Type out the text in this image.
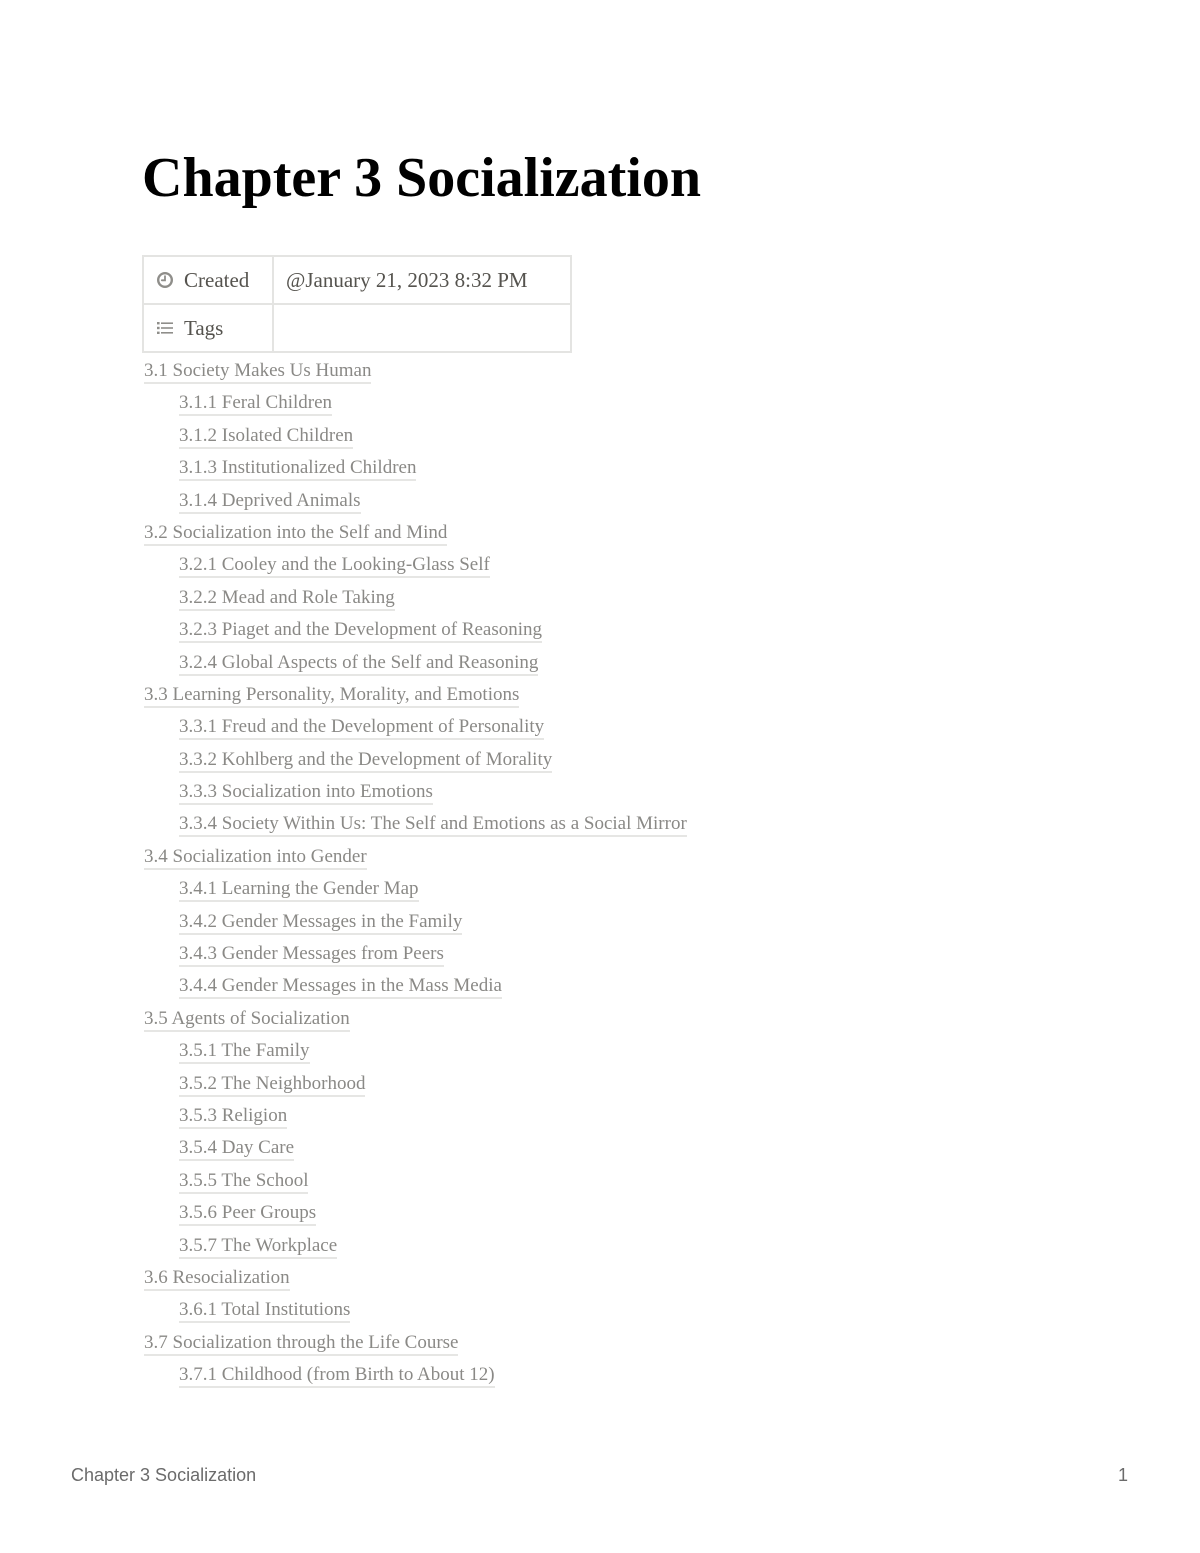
Chapter 3 Socialization
Created	@January 21, 2023 8:32 PM
Tags	
3.1 Society Makes Us Human
3.1.1 Feral Children
3.1.2 Isolated Children
3.1.3 Institutionalized Children
3.1.4 Deprived Animals
3.2 Socialization into the Self and Mind
3.2.1 Cooley and the Looking-Glass Self
3.2.2 Mead and Role Taking
3.2.3 Piaget and the Development of Reasoning
3.2.4 Global Aspects of the Self and Reasoning
3.3 Learning Personality, Morality, and Emotions
3.3.1 Freud and the Development of Personality
3.3.2 Kohlberg and the Development of Morality
3.3.3 Socialization into Emotions
3.3.4 Society Within Us: The Self and Emotions as a Social Mirror
3.4 Socialization into Gender
3.4.1 Learning the Gender Map
3.4.2 Gender Messages in the Family
3.4.3 Gender Messages from Peers
3.4.4 Gender Messages in the Mass Media
3.5 Agents of Socialization
3.5.1 The Family
3.5.2 The Neighborhood
3.5.3 Religion
3.5.4 Day Care
3.5.5 The School
3.5.6 Peer Groups
3.5.7 The Workplace
3.6 Resocialization
3.6.1 Total Institutions
3.7 Socialization through the Life Course
3.7.1 Childhood (from Birth to About 12)
Chapter 3 Socialization	1
